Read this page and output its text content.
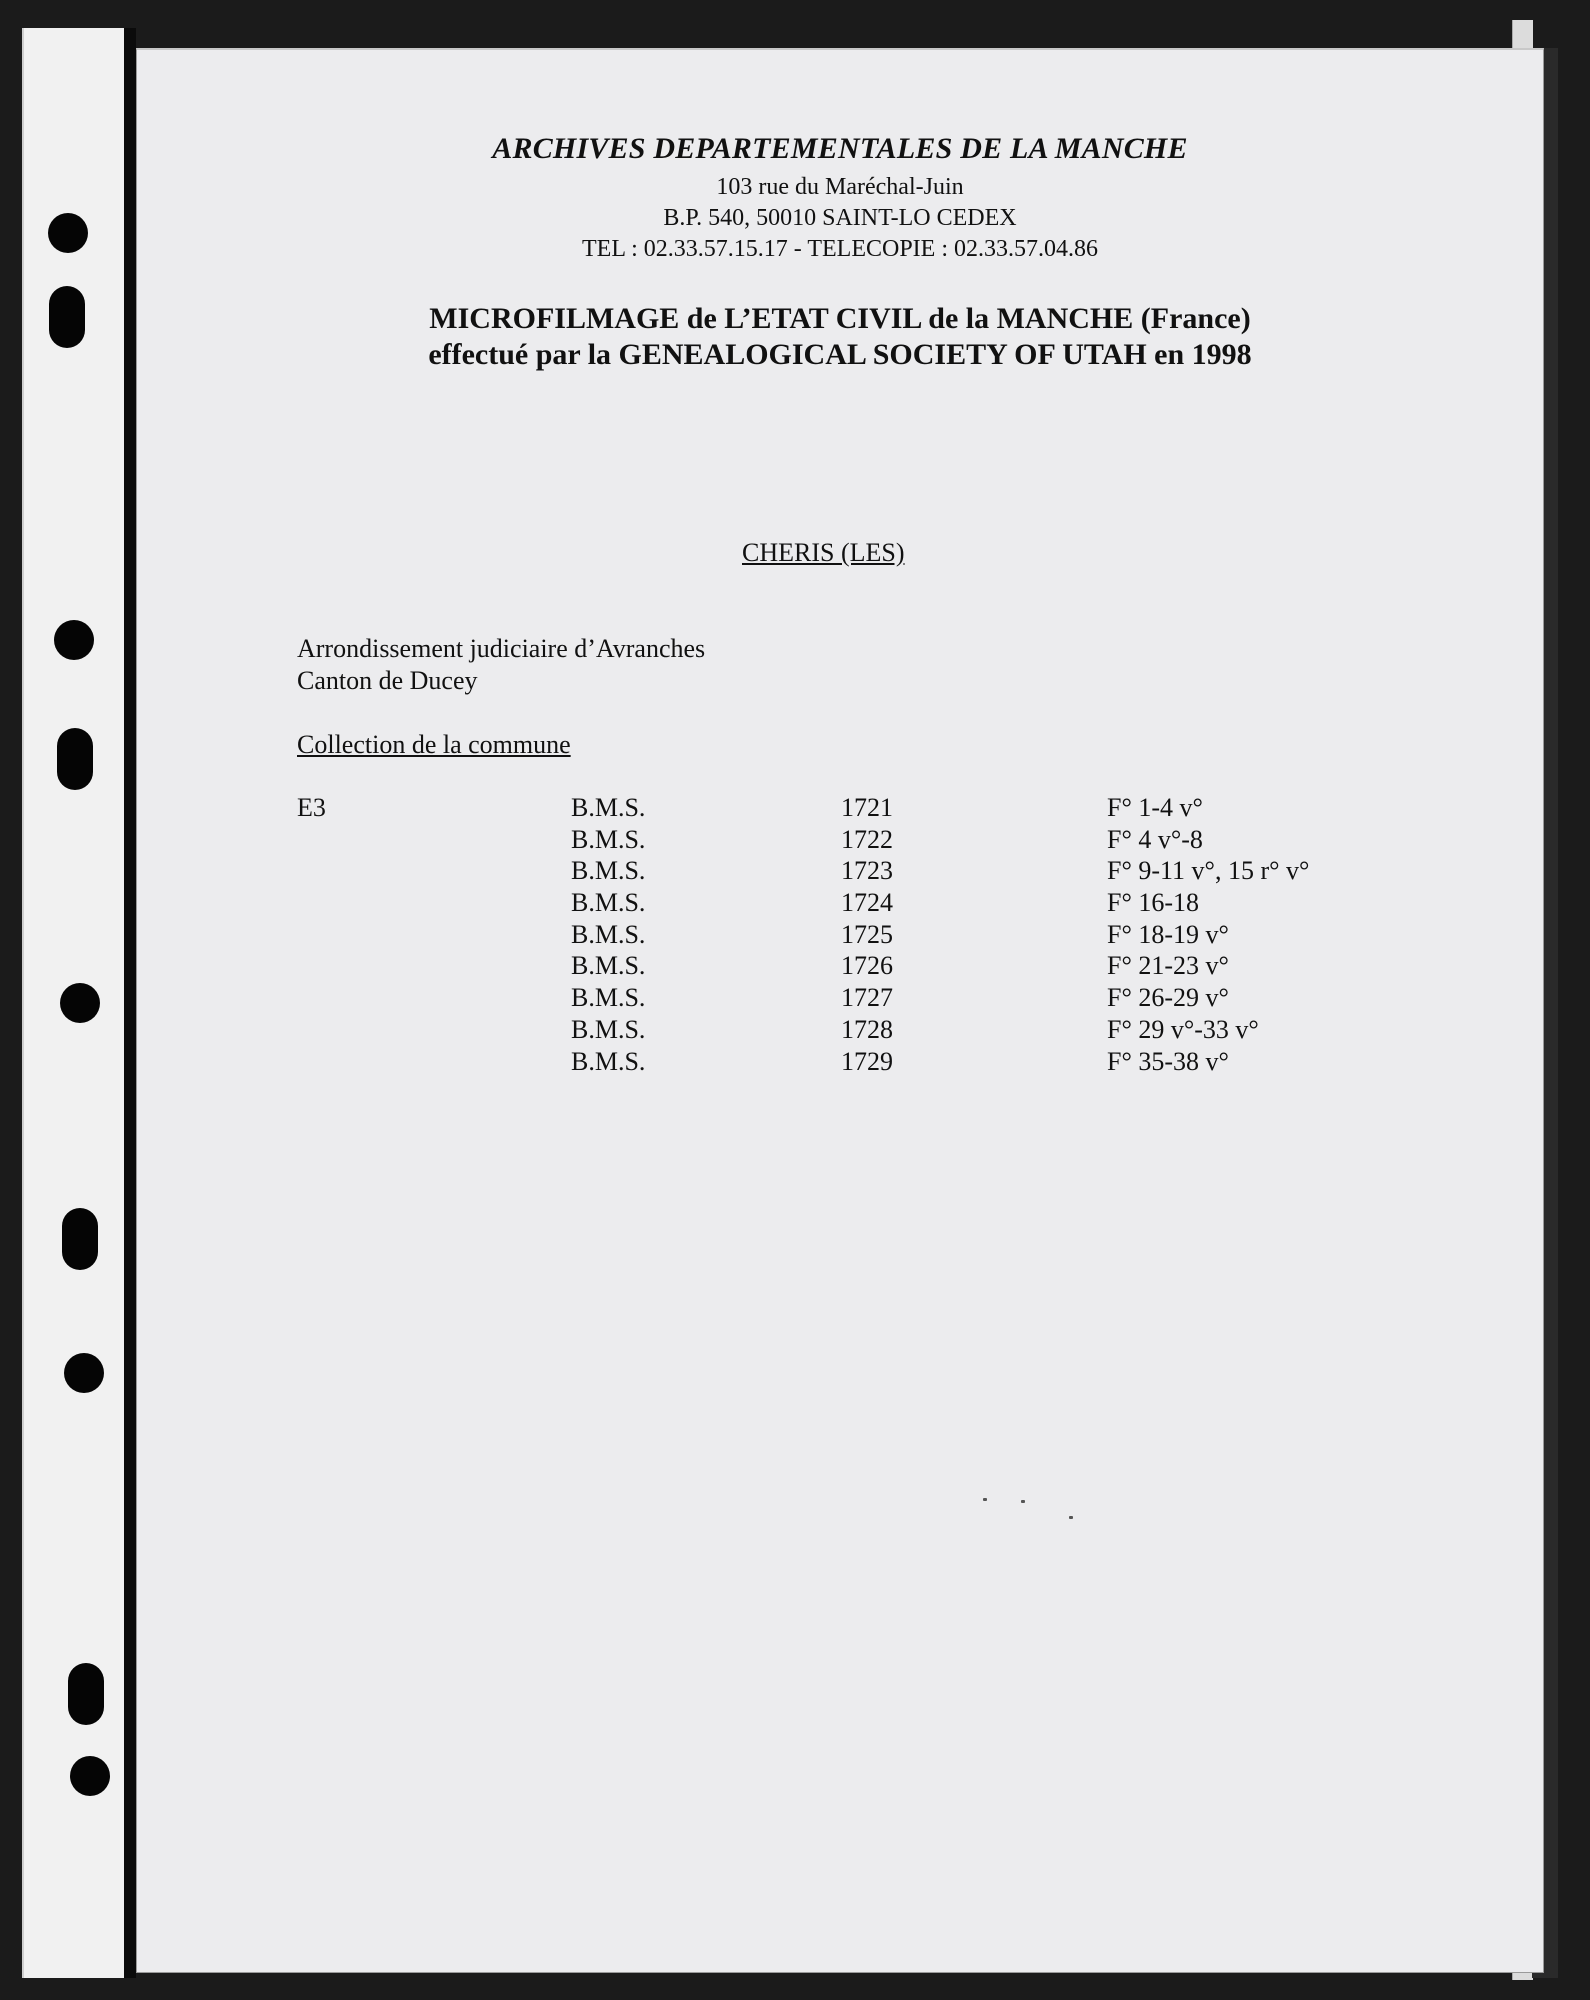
ARCHIVES DEPARTEMENTALES DE LA MANCHE
103 rue du Maréchal-Juin
B.P. 540, 50010 SAINT-LO CEDEX
TEL : 02.33.57.15.17 - TELECOPIE : 02.33.57.04.86
MICROFILMAGE de L’ETAT CIVIL de la MANCHE (France)
effectué par la GENEALOGICAL SOCIETY OF UTAH en 1998
CHERIS (LES)
Arrondissement judiciaire d’Avranches
Canton de Ducey
Collection de la commune
E3	B.M.S.	1721	F° 1-4 v°
B.M.S.	1722	F° 4 v°-8
B.M.S.	1723	F° 9-11 v°, 15 r° v°
B.M.S.	1724	F° 16-18
B.M.S.	1725	F° 18-19 v°
B.M.S.	1726	F° 21-23 v°
B.M.S.	1727	F° 26-29 v°
B.M.S.	1728	F° 29 v°-33 v°
B.M.S.	1729	F° 35-38 v°
